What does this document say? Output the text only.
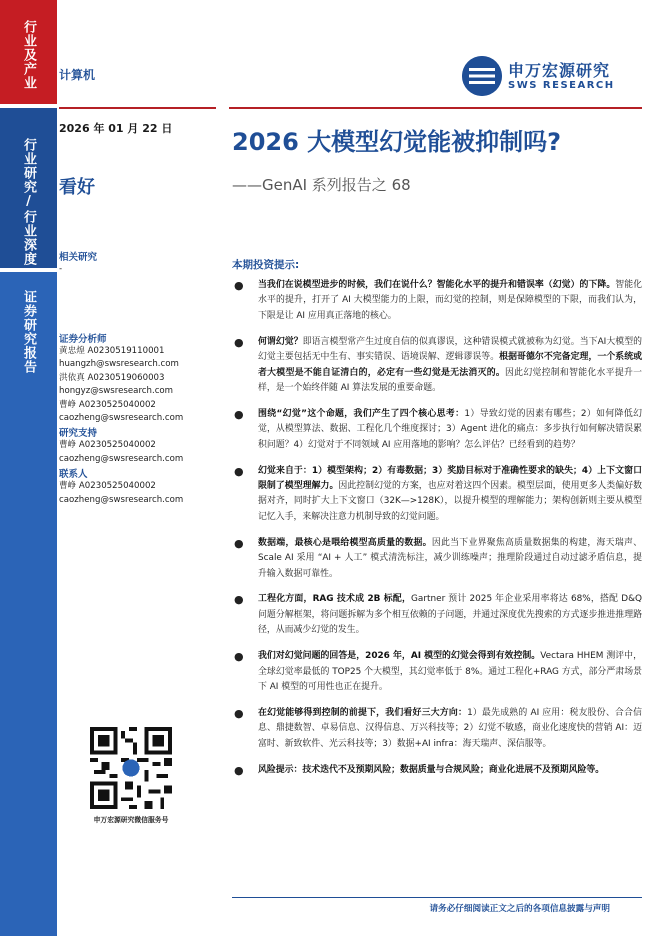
行业及产业
行业研究/行业深度
证券研究报告
计算机
2026 年 01 月 22 日
看好
相关研究
-
证券分析师
黄忠煌 A0230519110001
huangzh@swsresearch.com
洪依真 A0230519060003
hongyz@swsresearch.com
曹峥 A0230525040002
caozheng@swsresearch.com
研究支持
曹峥 A0230525040002
caozheng@swsresearch.com
联系人
曹峥 A0230525040002
caozheng@swsresearch.com
申万宏源研究
SWS RESEARCH
2026 大模型幻觉能被抑制吗?
——GenAI 系列报告之 68
本期投资提示:
● 当我们在说模型进步的时候，我们在说什么？智能化水平的提升和错误率（幻觉）的下降。智能化水平的提升，打开了 AI 大模型能力的上限，而幻觉的控制，则是保障模型的下限，而我们认为，下限是让 AI 应用真正落地的核心。
● 何谓幻觉？即语言模型常产生过度自信的似真谬误，这种错误模式就被称为幻觉。当下AI大模型的幻觉主要包括无中生有、事实错误、语境误解、逻辑谬误等。根据哥德尔不完备定理，一个系统或者大模型是不能自证清白的，必定有一些幻觉是无法消灭的。因此幻觉控制和智能化水平提升一样，是一个始终伴随 AI 算法发展的重要命题。
● 围绕“幻觉”这个命题，我们产生了四个核心思考：1）导致幻觉的因素有哪些；2）如何降低幻觉，从模型算法、数据、工程化几个维度探讨；3）Agent 进化的痛点：多步执行如何解决错误累积问题？4）幻觉对于不同领域 AI 应用落地的影响？怎么评估？已经看到的趋势？
● 幻觉来自于：1）模型架构；2）有毒数据；3）奖励目标对于准确性要求的缺失；4）上下文窗口限制了模型理解力。因此控制幻觉的方案，也应对着这四个因素。模型层面，使用更多人类偏好数据对齐，同时扩大上下文窗口（32K—>128K），以提升模型的理解能力；架构创新则主要从模型记忆入手，来解决注意力机制导致的幻觉问题。
● 数据端，最核心是喂给模型高质量的数据。因此当下业界聚焦高质量数据集的构建，海天瑞声、Scale AI 采用 “AI + 人工” 模式清洗标注，减少训练噪声；推理阶段通过自动过滤矛盾信息，提升输入数据可靠性。
● 工程化方面，RAG 技术成 2B 标配，Gartner 预计 2025 年企业采用率将达 68%，搭配 D&Q 问题分解框架，将问题拆解为多个相互依赖的子问题，并通过深度优先搜索的方式逐步推进推理路径，从而减少幻觉的发生。
● 我们对幻觉问题的回答是，2026 年，AI 模型的幻觉会得到有效控制。Vectara HHEM 测评中，全球幻觉率最低的 TOP25 个大模型，其幻觉率低于 8%。通过工程化+RAG 方式，部分严肃场景下 AI 模型的可用性也正在提升。
● 在幻觉能够得到控制的前提下，我们看好三大方向：1）最先成熟的 AI 应用：税友股份、合合信息、鼎捷数智、卓易信息、汉得信息、万兴科技等；2）幻觉不敏感，商业化速度快的营销 AI：迈富时、新致软件、光云科技等；3）数据+AI infra：海天瑞声、深信服等。
● 风险提示：技术迭代不及预期风险；数据质量与合规风险；商业化进展不及预期风险等。
申万宏源研究微信服务号
请务必仔细阅读正文之后的各项信息披露与声明
